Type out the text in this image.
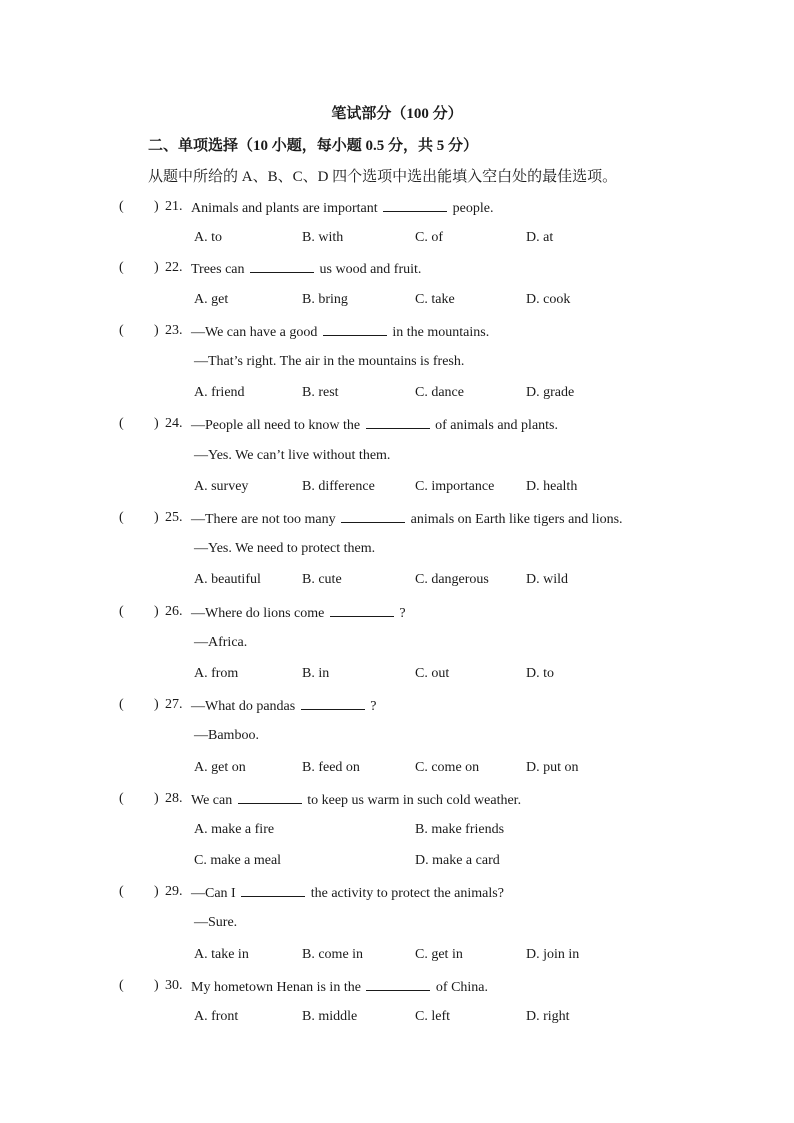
笔试部分（100 分）
二、单项选择（10 小题，每小题 0.5 分，共 5 分）
从题中所给的 A、B、C、D 四个选项中选出能填入空白处的最佳选项。
( ) 21. Animals and plants are important	people.
A. to	B. with	C. of	D. at
( ) 22. Trees can	us wood and fruit.
A. get	B. bring	C. take	D. cook
( ) 23. —We can have a good	in the mountains.
—That’s right. The air in the mountains is fresh.
A. friend	B. rest	C. dance	D. grade
( ) 24. —People all need to know the	of animals and plants.
—Yes. We can’t live without them.
A. survey	B. difference	C. importance D. health
( ) 25. —There are not too many	animals on Earth like tigers and lions.
—Yes. We need to protect them.
A. beautiful	B. cute	C. dangerous	D. wild
( ) 26. —Where do lions come	?
—Africa.
A. from	B. in	C. out	D. to
( ) 27. —What do pandas	?
—Bamboo.
A. get on	B. feed on	C. come on	D. put on
( ) 28. We can	to keep us warm in such cold weather.
A. make a fire	B. make friends
C. make a meal	D. make a card
( ) 29. —Can I	the activity to protect the animals?
—Sure.
A. take in	B. come in	C. get in	D. join in
( ) 30. My hometown Henan is in the	of China.
A. front	B. middle	C. left	D. right
